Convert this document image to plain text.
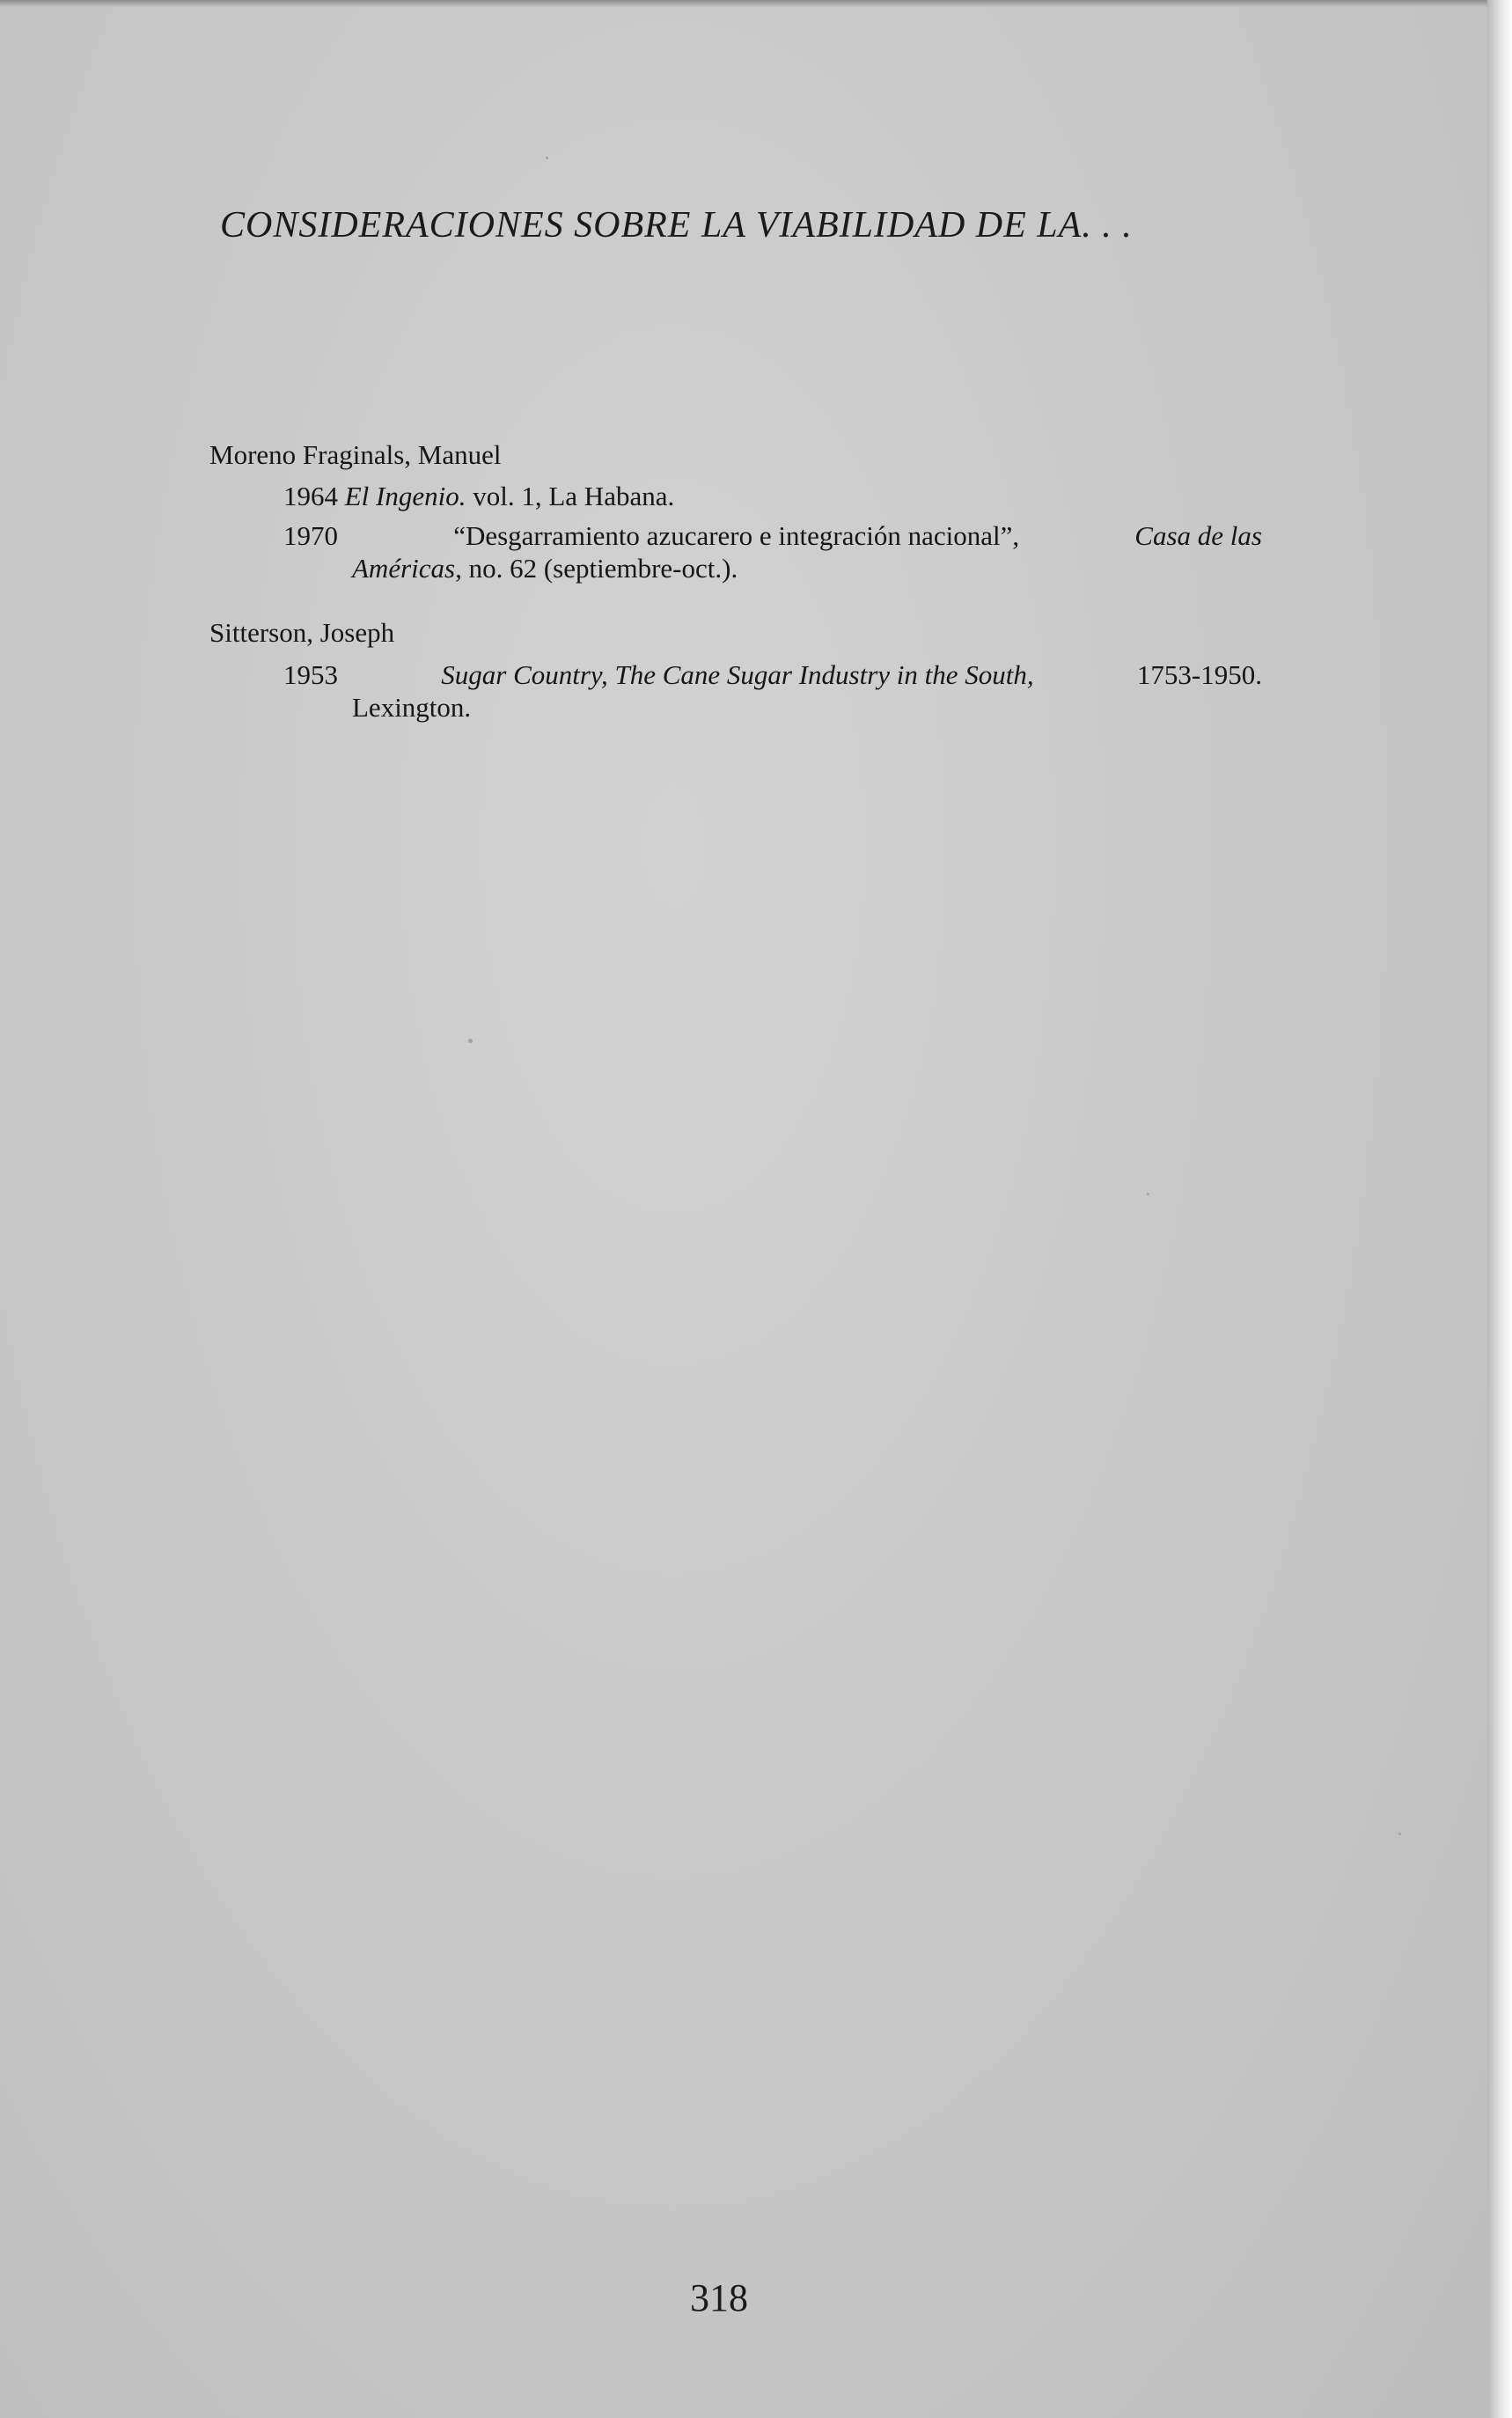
CONSIDERACIONES SOBRE LA VIABILIDAD DE LA. . .
Moreno Fraginals, Manuel
1964 El Ingenio. vol. 1, La Habana.
1970	“Desgarramiento azucarero e integración nacional”,	Casa de las
Américas, no. 62 (septiembre-oct.).
Sitterson, Joseph
1953	Sugar Country, The Cane Sugar Industry in the South,	1753-1950.
Lexington.
318
